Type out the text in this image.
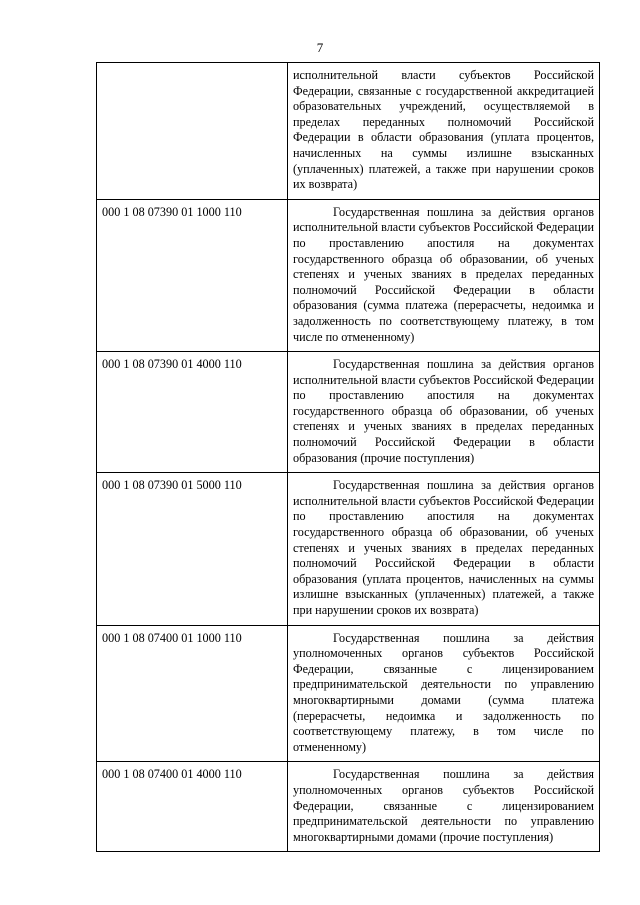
7
	исполнительной власти субъектов Российской Федерации, связанные с государственной аккредитацией образовательных учреждений, осуществляемой в пределах переданных полномочий Российской Федерации в области образования (уплата процентов, начисленных на суммы излишне взысканных (уплаченных) платежей, а также при нарушении сроков их возврата)
000 1 08 07390 01 1000 110	Государственная пошлина за действия органов исполнительной власти субъектов Российской Федерации по проставлению апостиля на документах государственного образца об образовании, об ученых степенях и ученых званиях в пределах переданных полномочий Российской Федерации в области образования (сумма платежа (перерасчеты, недоимка и задолженность по соответствующему платежу, в том числе по отмененному)
000 1 08 07390 01 4000 110	Государственная пошлина за действия органов исполнительной власти субъектов Российской Федерации по проставлению апостиля на документах государственного образца об образовании, об ученых степенях и ученых званиях в пределах переданных полномочий Российской Федерации в области образования (прочие поступления)
000 1 08 07390 01 5000 110	Государственная пошлина за действия органов исполнительной власти субъектов Российской Федерации по проставлению апостиля на документах государственного образца об образовании, об ученых степенях и ученых званиях в пределах переданных полномочий Российской Федерации в области образования (уплата процентов, начисленных на суммы излишне взысканных (уплаченных) платежей, а также при нарушении сроков их возврата)
000 1 08 07400 01 1000 110	Государственная пошлина за действия уполномоченных органов субъектов Российской Федерации, связанные с лицензированием предпринимательской деятельности по управлению многоквартирными домами (сумма платежа (перерасчеты, недоимка и задолженность по соответствующему платежу, в том числе по отмененному)
000 1 08 07400 01 4000 110	Государственная пошлина за действия уполномоченных органов субъектов Российской Федерации, связанные с лицензированием предпринимательской деятельности по управлению многоквартирными домами (прочие поступления)
